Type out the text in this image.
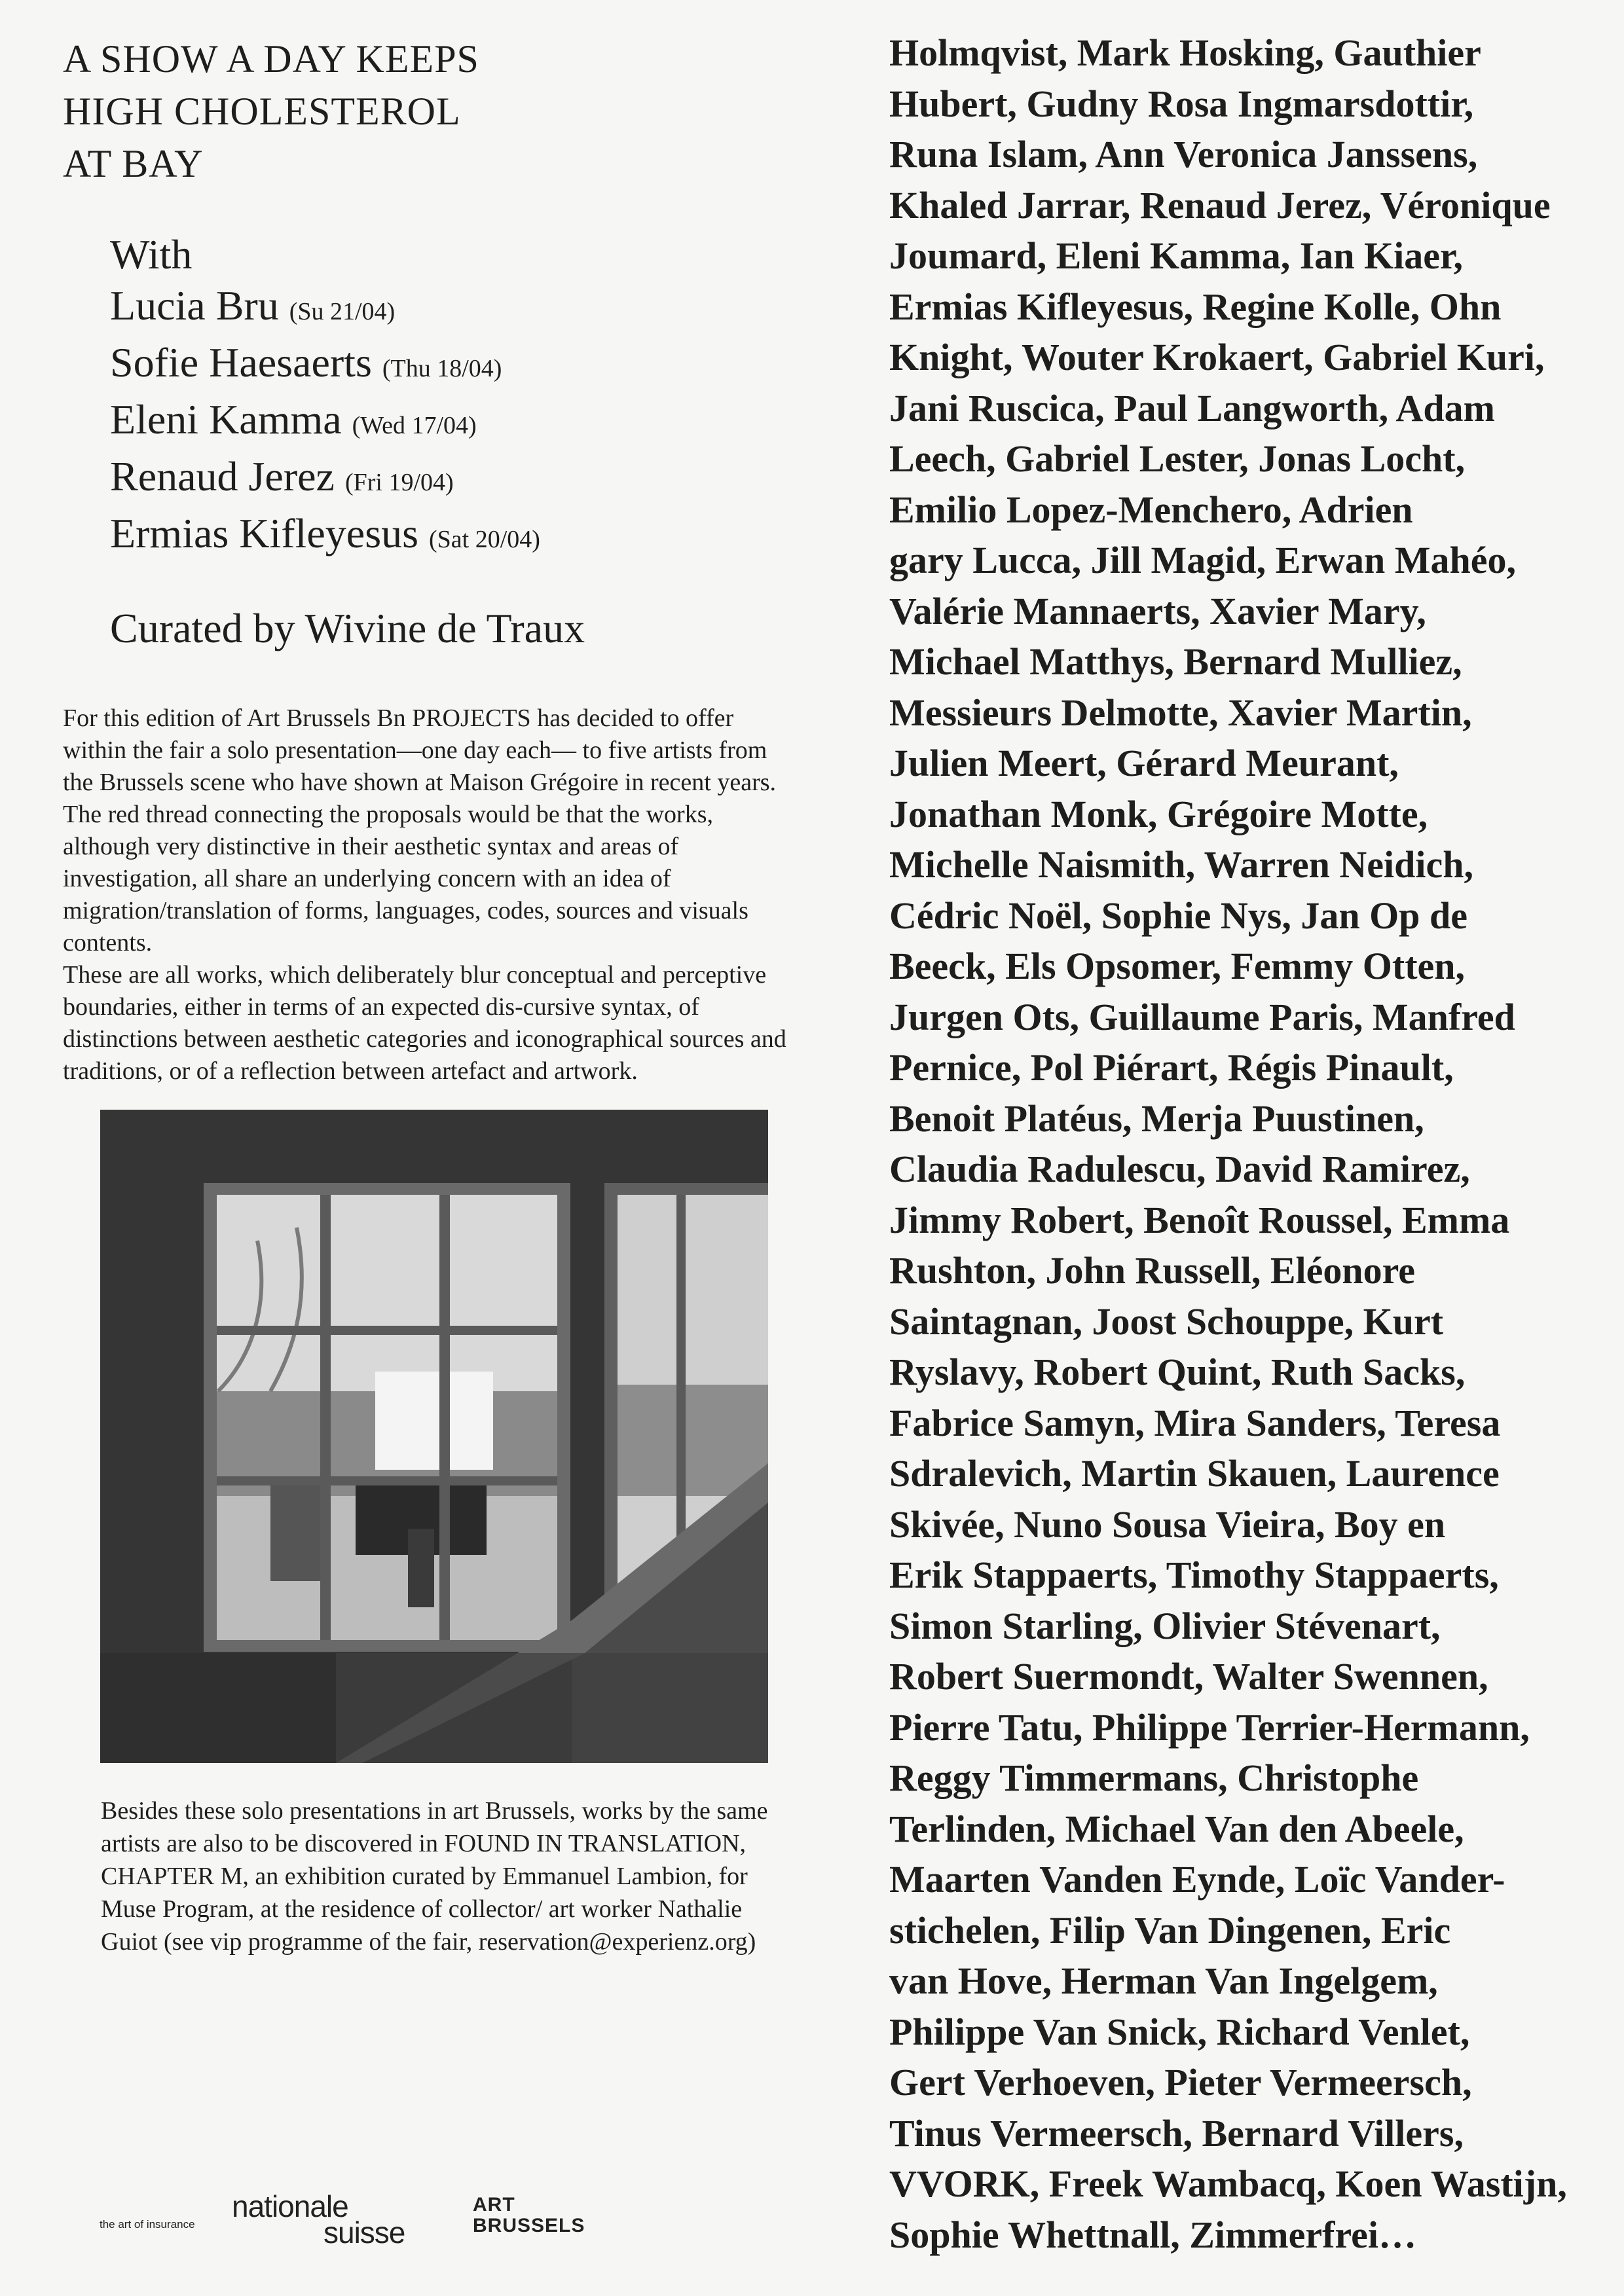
A SHOW A DAY KEEPS
HIGH CHOLESTEROL
AT BAY
With
Lucia Bru (Su 21/04)
Sofie Haesaerts (Thu 18/04)
Eleni Kamma (Wed 17/04)
Renaud Jerez (Fri 19/04)
Ermias Kifleyesus (Sat 20/04)
Curated by Wivine de Traux

For this edition of Art Brussels Bn PROJECTS has decided to offer within the fair a solo presentation—one day each— to five artists from the Brussels scene who have shown at Maison Grégoire in recent years.

The red thread connecting the proposals would be that the works, although very distinctive in their aesthetic syntax and areas of investigation, all share an underlying concern with an idea of migration/translation of forms, languages, codes, sources and visuals contents.

These are all works, which deliberately blur conceptual and perceptive boundaries, either in terms of an expected dis-cursive syntax, of distinctions between aesthetic categories and iconographical sources and traditions, or of a reflection between artefact and artwork.

Besides these solo presentations in art Brussels, works by the same artists are also to be discovered in FOUND IN TRANSLATION, CHAPTER M, an exhibition curated by Emmanuel Lambion, for Muse Program, at the residence of collector/ art worker Nathalie Guiot (see vip programme of the fair, reservation@experienz.org)

the art of insurance
nationale
suisse
ART
BRUSSELS
Holmqvist, Mark Hosking, Gauthier
Hubert, Gudny Rosa Ingmarsdottir,
Runa Islam, Ann Veronica Janssens,
Khaled Jarrar, Renaud Jerez, Véronique
Joumard, Eleni Kamma, Ian Kiaer,
Ermias Kifleyesus, Regine Kolle, Ohn
Knight, Wouter Krokaert, Gabriel Kuri,
Jani Ruscica, Paul Langworth, Adam
Leech, Gabriel Lester, Jonas Locht,
Emilio Lopez-Menchero, Adrien
gary Lucca, Jill Magid, Erwan Mahéo,
Valérie Mannaerts, Xavier Mary,
Michael Matthys, Bernard Mulliez,
Messieurs Delmotte, Xavier Martin,
Julien Meert, Gérard Meurant,
Jonathan Monk, Grégoire Motte,
Michelle Naismith, Warren Neidich,
Cédric Noël, Sophie Nys, Jan Op de
Beeck, Els Opsomer, Femmy Otten,
Jurgen Ots, Guillaume Paris, Manfred
Pernice, Pol Piérart, Régis Pinault,
Benoit Platéus, Merja Puustinen,
Claudia Radulescu, David Ramirez,
Jimmy Robert, Benoît Roussel, Emma
Rushton, John Russell, Eléonore
Saintagnan, Joost Schouppe, Kurt
Ryslavy, Robert Quint, Ruth Sacks,
Fabrice Samyn, Mira Sanders, Teresa
Sdralevich, Martin Skauen, Laurence
Skivée, Nuno Sousa Vieira, Boy en
Erik Stappaerts, Timothy Stappaerts,
Simon Starling, Olivier Stévenart,
Robert Suermondt, Walter Swennen,
Pierre Tatu, Philippe Terrier-Hermann,
Reggy Timmermans, Christophe
Terlinden, Michael Van den Abeele,
Maarten Vanden Eynde, Loïc Vander-
stichelen, Filip Van Dingenen, Eric
van Hove, Herman Van Ingelgem,
Philippe Van Snick, Richard Venlet,
Gert Verhoeven, Pieter Vermeersch,
Tinus Vermeersch, Bernard Villers,
VVORK, Freek Wambacq, Koen Wastijn,
Sophie Whettnall, Zimmerfrei…
